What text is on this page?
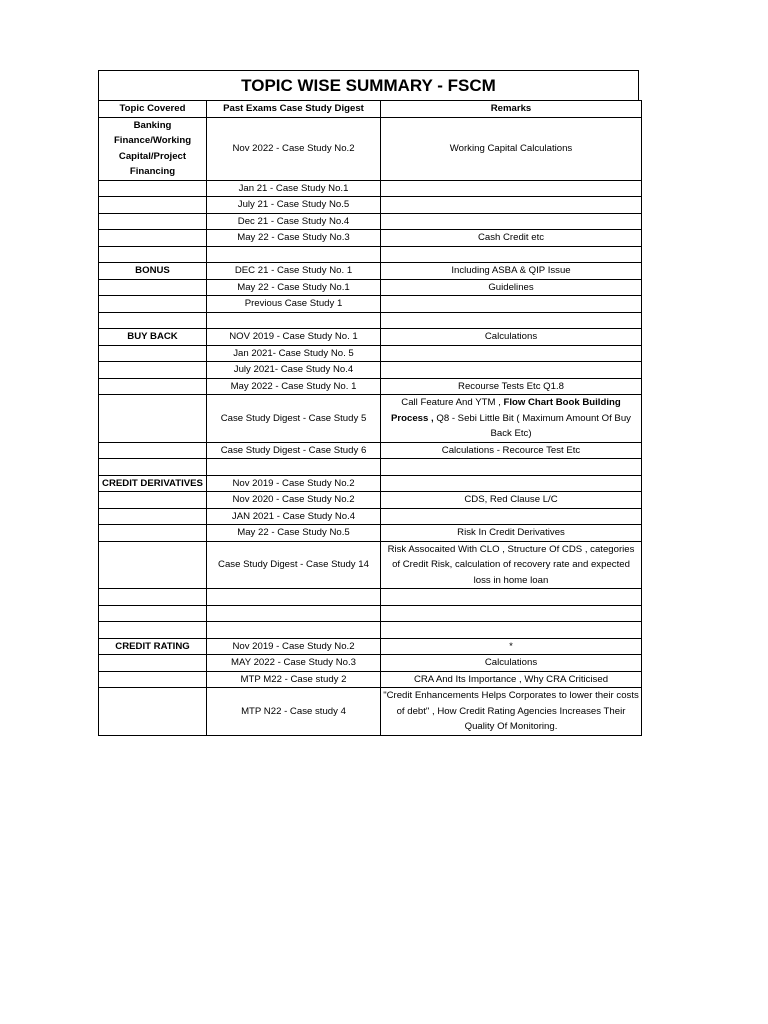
TOPIC WISE SUMMARY - FSCM
Topic Covered	Past Exams Case Study Digest	Remarks
Banking Finance/Working Capital/Project Financing	Nov 2022 - Case Study No.2	Working Capital Calculations
	Jan 21 - Case Study No.1	
	July 21 - Case Study No.5	
	Dec 21 - Case Study No.4	
	May 22 - Case Study No.3	Cash Credit etc

BONUS	DEC 21 - Case Study No. 1	Including ASBA & QIP Issue
	May 22 - Case Study No.1	Guidelines
	Previous Case Study 1	

BUY BACK	NOV 2019 - Case Study No. 1	Calculations
	Jan 2021- Case Study No. 5	
	July 2021- Case Study No.4	
	May 2022 - Case Study No. 1	Recourse Tests Etc Q1.8
	Case Study Digest - Case Study 5	Call Feature And YTM , Flow Chart Book Building Process , Q8 - Sebi Little Bit ( Maximum Amount Of Buy Back Etc)
	Case Study Digest - Case Study 6	Calculations - Recource Test Etc

CREDIT DERIVATIVES	Nov 2019 - Case Study No.2	
	Nov 2020 - Case Study No.2	CDS, Red Clause L/C
	JAN 2021 - Case Study No.4	
	May 22 - Case Study No.5	Risk In Credit Derivatives
	Case Study Digest - Case Study 14	Risk Assocaited With CLO , Structure Of CDS , categories of Credit Risk, calculation of recovery rate and expected loss in home loan

CREDIT RATING	Nov 2019 - Case Study No.2	*
	MAY 2022 - Case Study No.3	Calculations
	MTP M22 - Case study 2	CRA And Its Importance , Why CRA Criticised
	MTP N22 - Case study 4	"Credit Enhancements Helps Corporates to lower their costs of debt" , How Credit Rating Agencies Increases Their Quality Of Monitoring.
